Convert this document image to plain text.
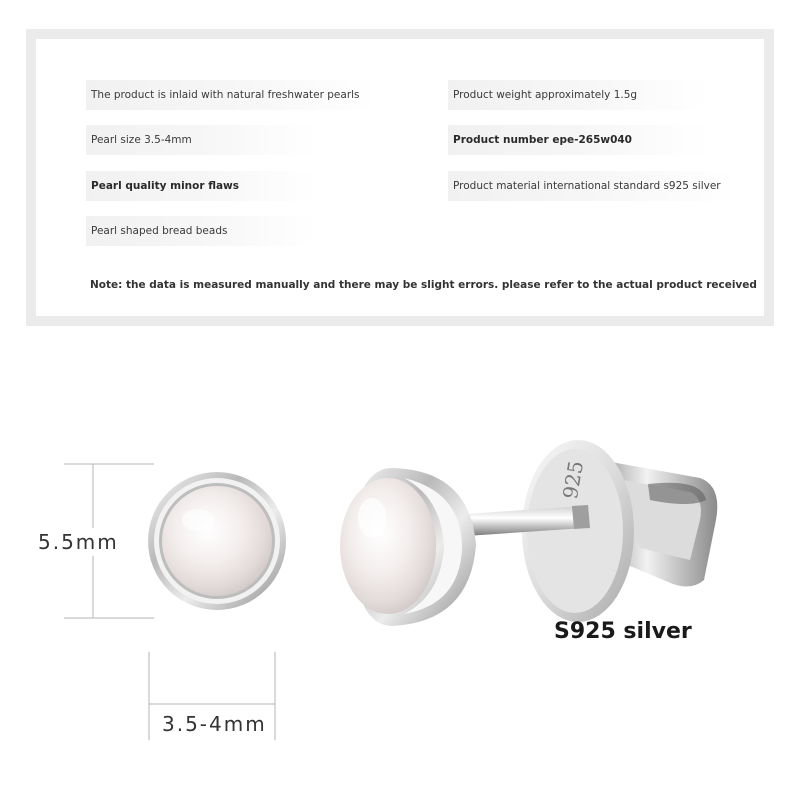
The product is inlaid with natural freshwater pearls
Pearl size 3.5-4mm
Pearl quality minor flaws
Pearl shaped bread beads
Product weight approximately 1.5g
Product number epe-265w040
Product material international standard s925 silver
Note: the data is measured manually and there may be slight errors. please refer to the actual product received
925
5.5mm
3.5-4mm
S925 silver
